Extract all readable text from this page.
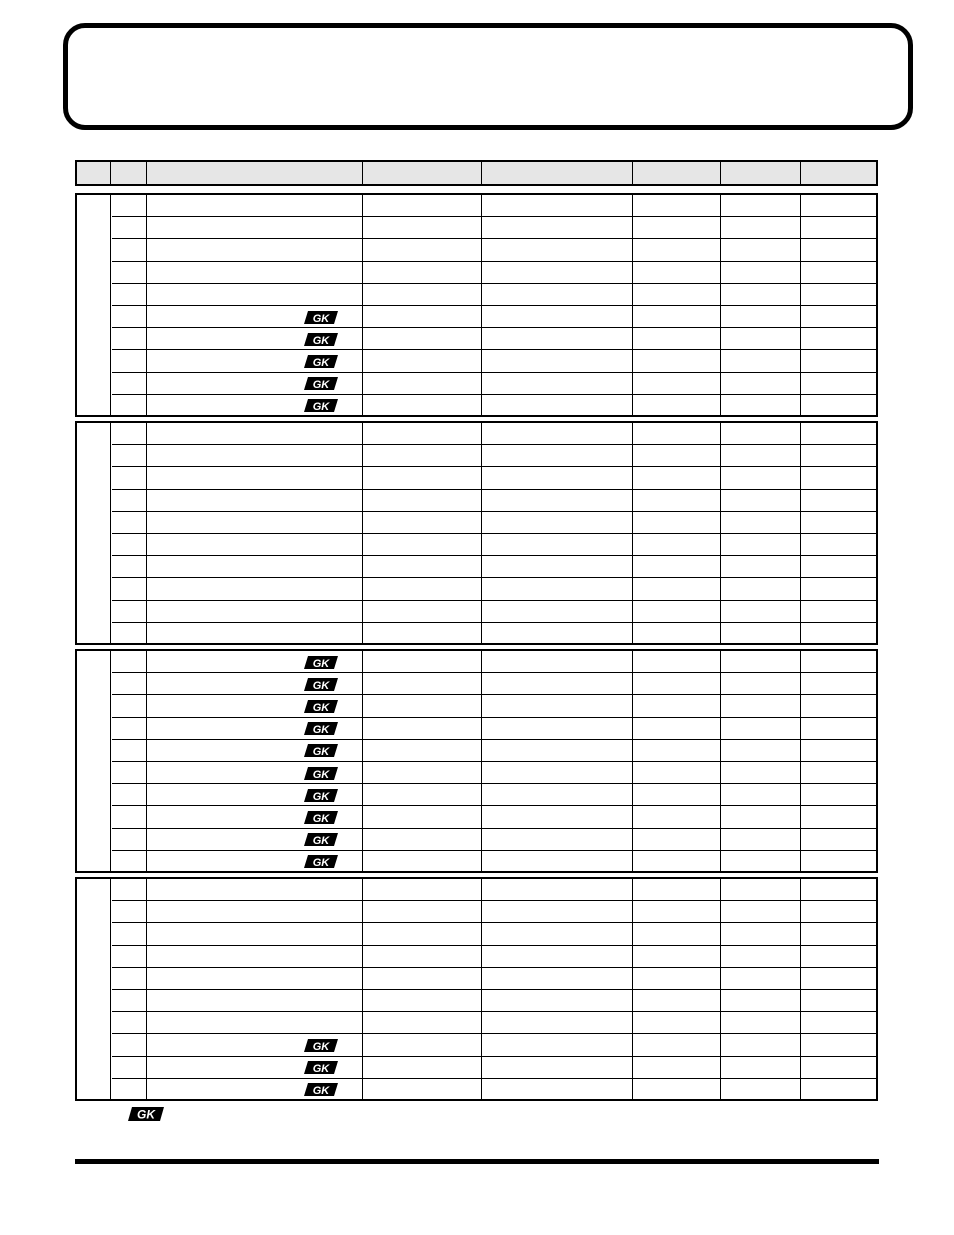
GK
GK
GK
GK
GK
GK
GK
GK
GK
GK
GK
GK
GK
GK
GK
GK
GK
GK
GK
